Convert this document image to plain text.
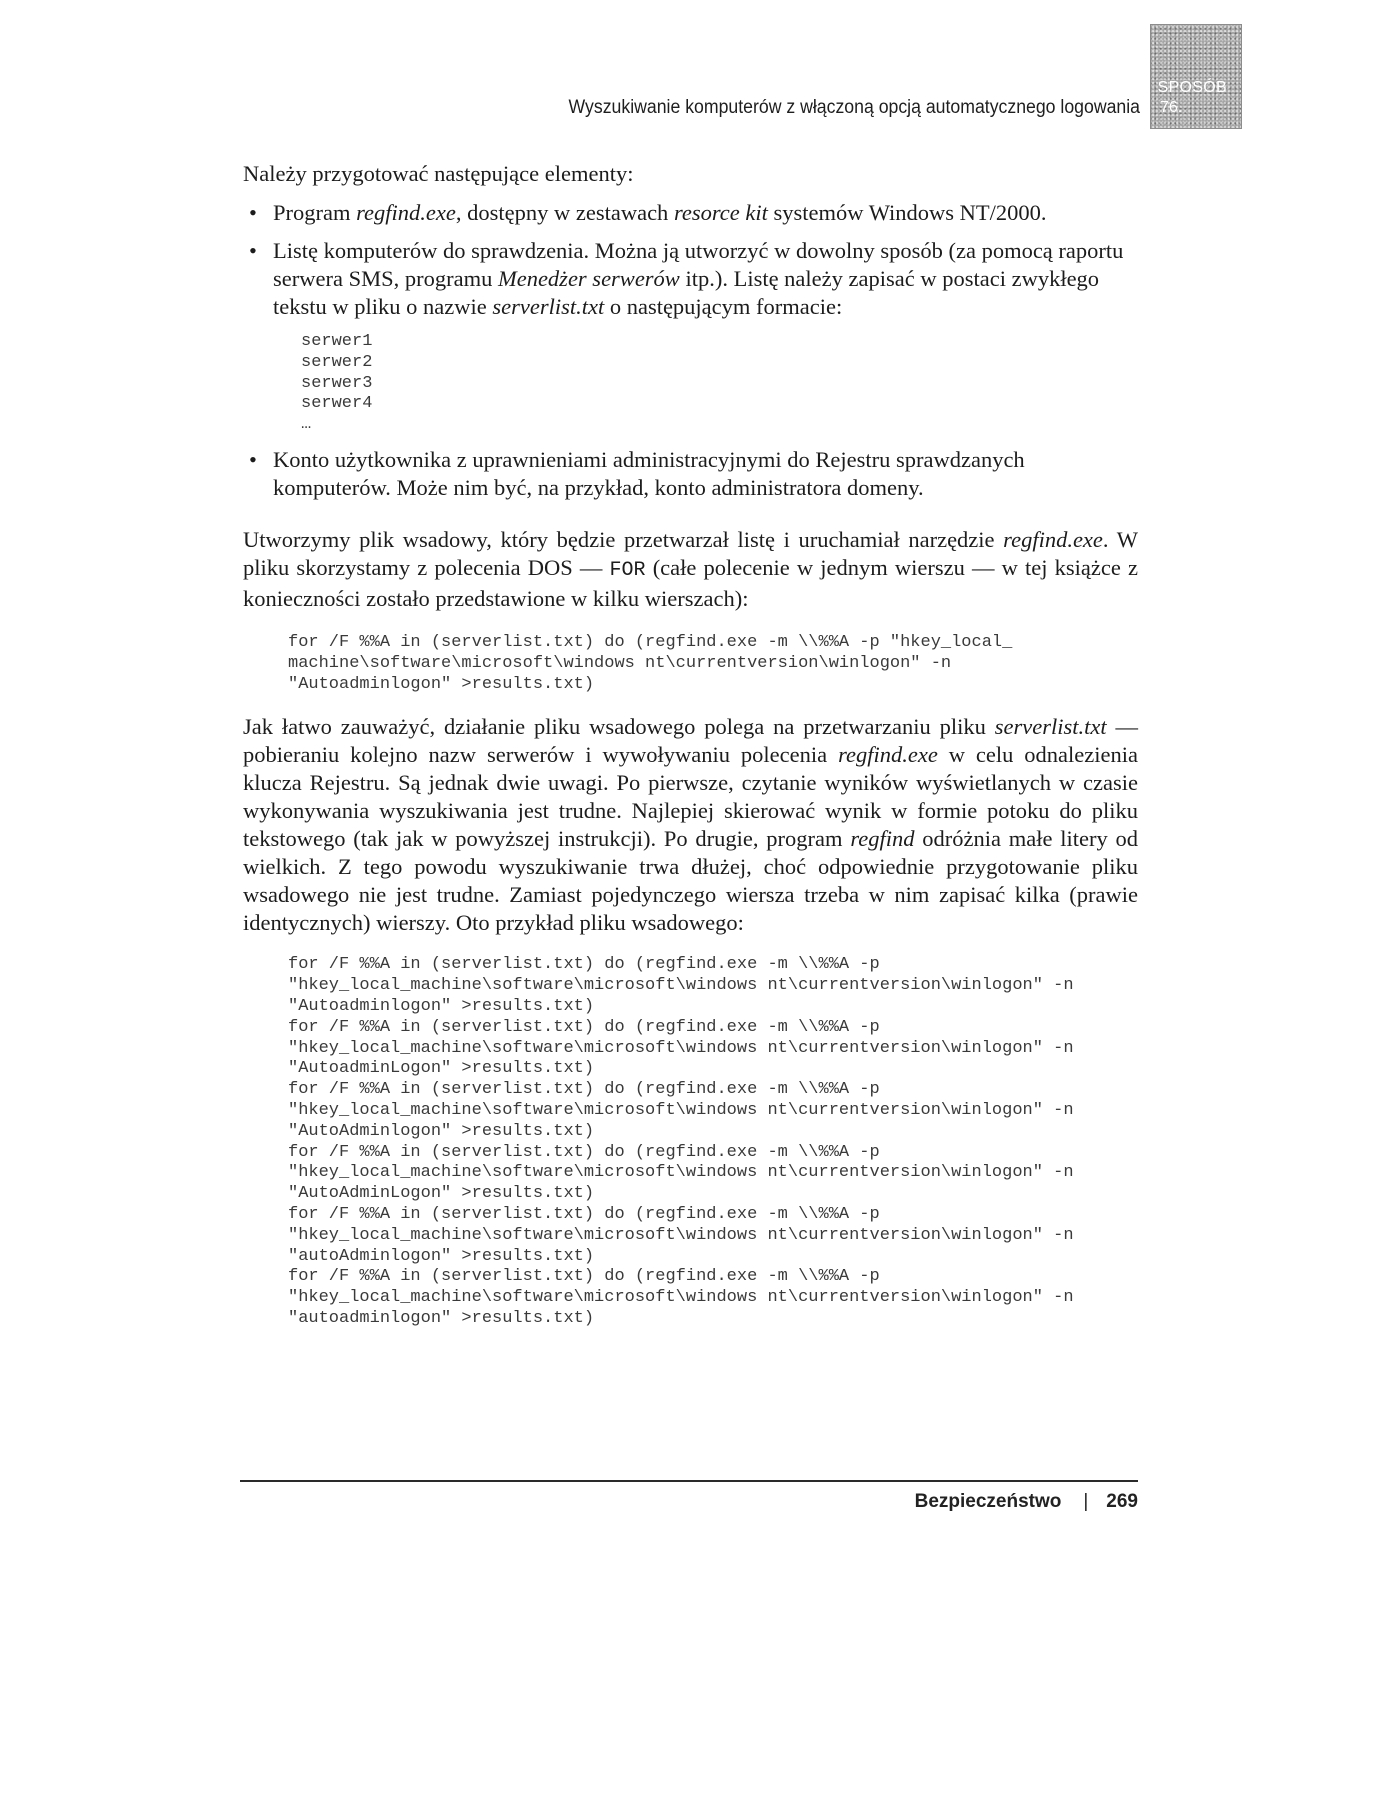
Wyszukiwanie komputerów z włączoną opcją automatycznego logowania
SPOSÓB
76.

Należy przygotować następujące elementy:

• Program regfind.exe, dostępny w zestawach resorce kit systemów Windows NT/2000.
• Listę komputerów do sprawdzenia. Można ją utworzyć w dowolny sposób (za pomocą raportu serwera SMS, programu Menedżer serwerów itp.). Listę należy zapisać w postaci zwykłego tekstu w pliku o nazwie serverlist.txt o następującym formacie:
serwer1
serwer2
serwer3
serwer4
…
• Konto użytkownika z uprawnieniami administracyjnymi do Rejestru sprawdzanych komputerów. Może nim być, na przykład, konto administratora domeny.

Utworzymy plik wsadowy, który będzie przetwarzał listę i uruchamiał narzędzie regfind.exe. W pliku skorzystamy z polecenia DOS — FOR (całe polecenie w jednym wierszu — w tej książce z konieczności zostało przedstawione w kilku wierszach):

for /F %%A in (serverlist.txt) do (regfind.exe -m \\%%A -p "hkey_local_
machine\software\microsoft\windows nt\currentversion\winlogon" -n
"Autoadminlogon" >results.txt)

Jak łatwo zauważyć, działanie pliku wsadowego polega na przetwarzaniu pliku serverlist.txt — pobieraniu kolejno nazw serwerów i wywoływaniu polecenia regfind.exe w celu odnalezienia klucza Rejestru. Są jednak dwie uwagi. Po pierwsze, czytanie wyników wyświetlanych w czasie wykonywania wyszukiwania jest trudne. Najlepiej skierować wynik w formie potoku do pliku tekstowego (tak jak w powyższej instrukcji). Po drugie, program regfind odróżnia małe litery od wielkich. Z tego powodu wyszukiwanie trwa dłużej, choć odpowiednie przygotowanie pliku wsadowego nie jest trudne. Zamiast pojedynczego wiersza trzeba w nim zapisać kilka (prawie identycznych) wierszy. Oto przykład pliku wsadowego:

for /F %%A in (serverlist.txt) do (regfind.exe -m \\%%A -p
"hkey_local_machine\software\microsoft\windows nt\currentversion\winlogon" -n
"Autoadminlogon" >results.txt)
for /F %%A in (serverlist.txt) do (regfind.exe -m \\%%A -p
"hkey_local_machine\software\microsoft\windows nt\currentversion\winlogon" -n
"AutoadminLogon" >results.txt)
for /F %%A in (serverlist.txt) do (regfind.exe -m \\%%A -p
"hkey_local_machine\software\microsoft\windows nt\currentversion\winlogon" -n
"AutoAdminlogon" >results.txt)
for /F %%A in (serverlist.txt) do (regfind.exe -m \\%%A -p
"hkey_local_machine\software\microsoft\windows nt\currentversion\winlogon" -n
"AutoAdminLogon" >results.txt)
for /F %%A in (serverlist.txt) do (regfind.exe -m \\%%A -p
"hkey_local_machine\software\microsoft\windows nt\currentversion\winlogon" -n
"autoAdminlogon" >results.txt)
for /F %%A in (serverlist.txt) do (regfind.exe -m \\%%A -p
"hkey_local_machine\software\microsoft\windows nt\currentversion\winlogon" -n
"autoadminlogon" >results.txt)
Bezpieczeństwo | 269
